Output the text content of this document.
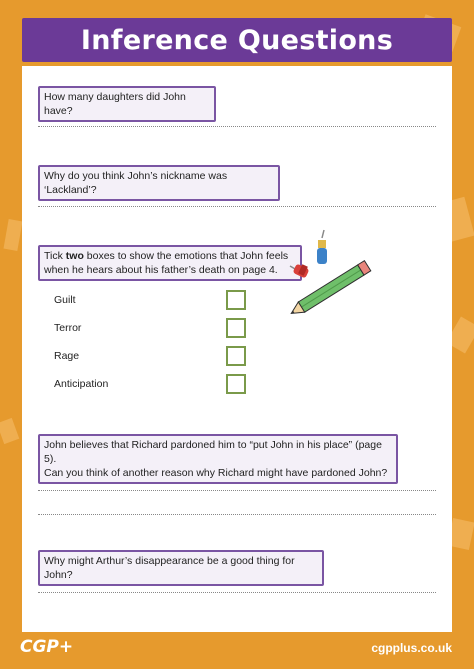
Inference Questions
How many daughters did John have?
Why do you think John’s nickname was ‘Lackland’?
Tick two boxes to show the emotions that John feels
when he hears about his father’s death on page 4.
Guilt
Terror
Rage
Anticipation
John believes that Richard pardoned him to “put John in his place” (page 5).
Can you think of another reason why Richard might have pardoned John?
Why might Arthur’s disappearance be a good thing for John?
CGP+	cgpplus.co.uk
